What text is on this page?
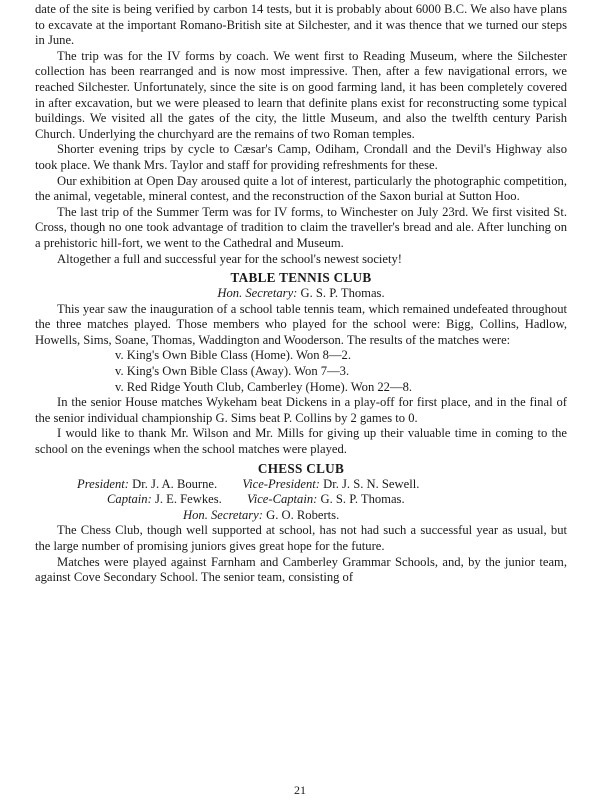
date of the site is being verified by carbon 14 tests, but it is probably about 6000 B.C. We also have plans to excavate at the important Romano-British site at Silchester, and it was thence that we turned our steps in June.

The trip was for the IV forms by coach. We went first to Reading Museum, where the Silchester collection has been rearranged and is now most impressive. Then, after a few navigational errors, we reached Silchester. Unfortunately, since the site is on good farming land, it has been completely covered in after excavation, but we were pleased to learn that definite plans exist for reconstructing some typical buildings. We visited all the gates of the city, the little Museum, and also the twelfth century Parish Church. Underlying the churchyard are the remains of two Roman temples.

Shorter evening trips by cycle to Cæsar's Camp, Odiham, Crondall and the Devil's Highway also took place. We thank Mrs. Taylor and staff for providing refreshments for these.

Our exhibition at Open Day aroused quite a lot of interest, particularly the photographic competition, the animal, vegetable, mineral contest, and the reconstruction of the Saxon burial at Sutton Hoo.

The last trip of the Summer Term was for IV forms, to Winchester on July 23rd. We first visited St. Cross, though no one took advantage of tradition to claim the traveller's bread and ale. After lunching on a prehistoric hill-fort, we went to the Cathedral and Museum.

Altogether a full and successful year for the school's newest society!

TABLE TENNIS CLUB

Hon. Secretary: G. S. P. Thomas.

This year saw the inauguration of a school table tennis team, which remained undefeated throughout the three matches played. Those members who played for the school were: Bigg, Collins, Hadlow, Howells, Sims, Soane, Thomas, Waddington and Wooderson. The results of the matches were:

v. King's Own Bible Class (Home). Won 8—2.
v. King's Own Bible Class (Away). Won 7—3.
v. Red Ridge Youth Club, Camberley (Home). Won 22—8.

In the senior House matches Wykeham beat Dickens in a play-off for first place, and in the final of the senior individual championship G. Sims beat P. Collins by 2 games to 0.

I would like to thank Mr. Wilson and Mr. Mills for giving up their valuable time in coming to the school on the evenings when the school matches were played.

CHESS CLUB
President: Dr. J. A. Bourne. Vice-President: Dr. J. S. N. Sewell.
Captain: J. E. Fewkes. Vice-Captain: G. S. P. Thomas.
Hon. Secretary: G. O. Roberts.

The Chess Club, though well supported at school, has not had such a successful year as usual, but the large number of promising juniors gives great hope for the future.

Matches were played against Farnham and Camberley Grammar Schools, and, by the junior team, against Cove Secondary School. The senior team, consisting of

21
